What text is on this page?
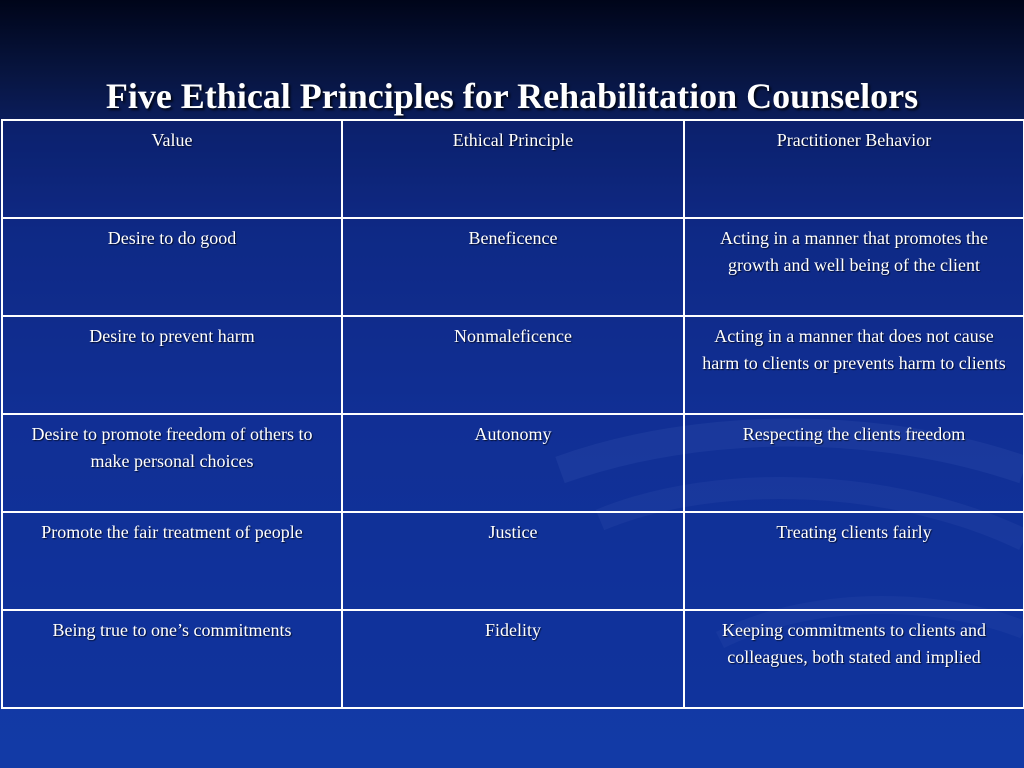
Five Ethical Principles for Rehabilitation Counselors
Value	Ethical Principle	Practitioner Behavior
Desire to do good	Beneficence	Acting in a manner that promotes the growth and well being of the client
Desire to prevent harm	Nonmaleficence	Acting in a manner that does not cause harm to clients or prevents harm to clients
Desire to promote freedom of others to make personal choices	Autonomy	Respecting the clients freedom
Promote the fair treatment of people	Justice	Treating clients fairly
Being true to one’s commitments	Fidelity	Keeping commitments to clients and colleagues, both stated and implied
